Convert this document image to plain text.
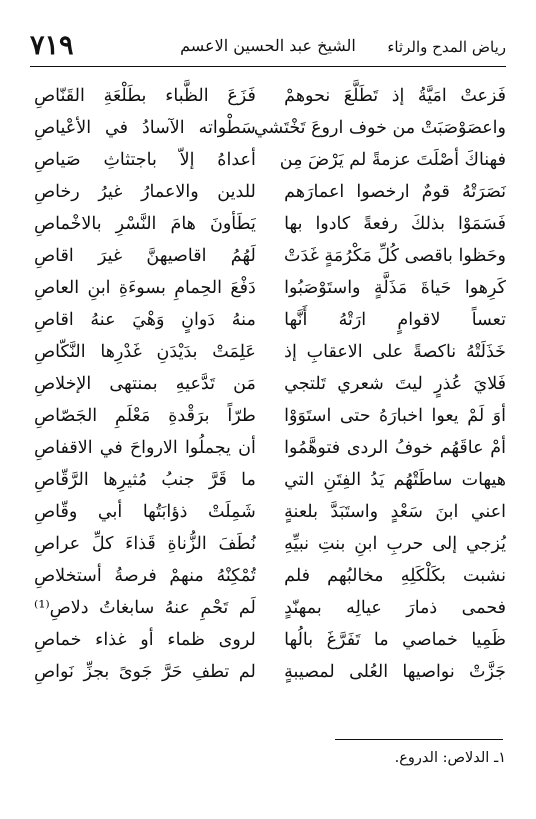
رياض المدح والرثاء
الشيخ عبد الحسين الاعسم
٧١٩
فَزعتْ امَيَّةُ إذ تَطَلَّعَ نحوهمْ
فَزَعَ الظَّباء بطَلْعَةِ القَنّاصِ
واعصَوْصَبَتْ من خوف اروعَ تَخْتَشي
سَطْواته الآسادُ في الأعْياصِ
فهناكَ أصْلَتَ عزمةً لم يَرْضَ مِن
أعداهُ إلاّ باجتثاثِ صَياصِ
نَصَرَتْهُ قومٌ ارخصوا اعمارَهم
للدين والاعمارُ غيرُ رخاصِ
فَسَمَوْا بذلكَ رفعةً كادوا بها
يَطَأونَ هامَ النَّسْرِ بالاخْماصِ
وحَظوا باقصى كُلِّ مَكْرُمَةٍ غَدَتْ
لَهُمُ اقاصيهنَّ غيرَ اقاصِ
كَرِهوا حَياةَ مَذَلَّةٍ واستَوْصَبُوا
دَفْعَ الحِمامِ بسوءَةِ ابنِ العاصِ
تعساً لاقوامٍ ارَتْهُ أَنَّها
منهُ دَوانٍ وَهْيَ عنهُ اقاصِ
خَذَلَتْهُ ناكصةً على الاعقابِ إذ
عَلِمَتْ بدَيْدَنِ غَدْرِها النَّكّاصِ
فَلايَ عُذرٍ ليتَ شعري تَلتجي
مَن تَدَّعيهِ بمنتهى الإخلاصِ
أوَ لَمْ يعوا اخبارَهُ حتى استَوَوْا
طرّاً برَقْدةِ مَعْلَمِ الجَصّاصِ
أمْ عاقَهُم خوفُ الردى فتوهَّمُوا
أن يجملُوا الارواحَ في الاقفاصِ
هيهات ساطَتْهُم يَدُ الفِتَنِ التي
ما قَرَّ جنبُ مُثيرِها الرَّقّاصِ
اعني ابنَ سَعْدٍ واستَبَدَّ بلعنةٍ
شَمِلَتْ ذؤابَتُها أبي وقّاصِ
يُزجي إلى حربِ ابنِ بنتِ نبيِّهِ
نُطَفَ الزُّناةِ قَذاءَ كلِّ عراصِ
نشبت بكَلْكَلِهِ مخالبُهم فلم
تُمْكِنْهُ منهمْ فرصةُ أستخلاصِ
فحمى ذمارَ عيالِه بمهنّدٍ
لَم تَحْمِ عنهُ سابغاتُ دلاصِ⁽¹⁾
ظَمِيا خماصي ما تَفَرَّغَ بالُها
لروى ظماء أو غذاء خماصِ
جَزَّتْ نواصيها العُلى لمصيبةٍ
لم تطفِ حَرَّ جَوىً بجزِّ نَواصِ
١ـ الدلاص: الدروع.
